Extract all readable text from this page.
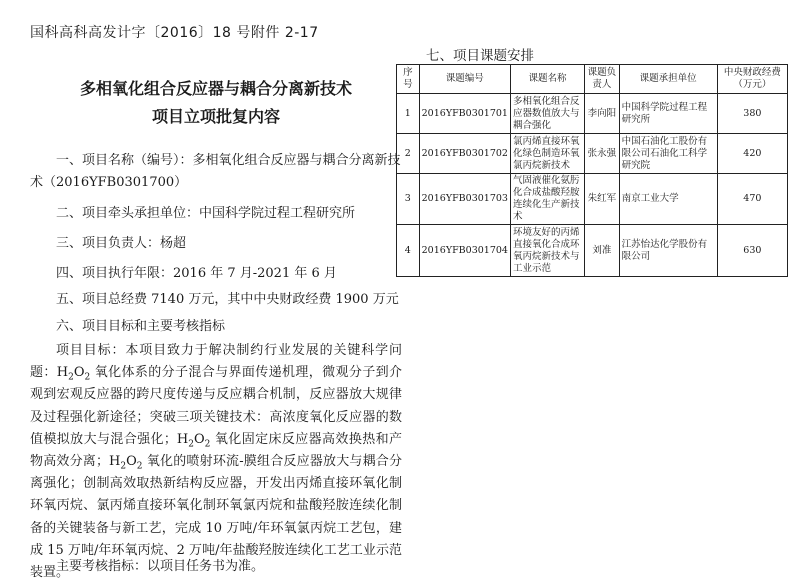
国科高科高发计字〔2016〕18 号附件 2-17
多相氧化组合反应器与耦合分离新技术
项目立项批复内容
一、项目名称（编号）：多相氧化组合反应器与耦合分离新技术（2016YFB0301700）
二、项目牵头承担单位：中国科学院过程工程研究所
三、项目负责人：杨超
四、项目执行年限：2016 年 7 月-2021 年 6 月
五、项目总经费 7140 万元，其中中央财政经费 1900 万元
六、项目目标和主要考核指标
项目目标：本项目致力于解决制约行业发展的关键科学问题：$H_2O_2$ 氧化体系的分子混合与界面传递机理，微观分子到介观到宏观反应器的跨尺度传递与反应耦合机制，反应器放大规律及过程强化新途径；突破三项关键技术：高浓度氧化反应器的数值模拟放大与混合强化；$H_2O_2$ 氧化固定床反应器高效换热和产物高效分离；$H_2O_2$ 氧化的喷射环流-膜组合反应器放大与耦合分离强化；创制高效取热新结构反应器，开发出丙烯直接环氧化制环氧丙烷、氯丙烯直接环氧化制环氧氯丙烷和盐酸羟胺连续化制备的关键装备与新工艺，完成 10 万吨/年环氧氯丙烷工艺包，建成 15 万吨/年环氧丙烷、2 万吨/年盐酸羟胺连续化工艺工业示范装置。
主要考核指标：以项目任务书为准。
七、项目课题安排
序号	课题编号	课题名称	课题负责人	课题承担单位	中央财政经费（万元）
1	2016YFB0301701	多相氧化组合反应器数值放大与耦合强化	李向阳	中国科学院过程工程研究所	380
2	2016YFB0301702	氯丙烯直接环氧化绿色制造环氧氯丙烷新技术	张永强	中国石油化工股份有限公司石油化工科学研究院	420
3	2016YFB0301703	气固液催化氨肟化合成盐酸羟胺连续化生产新技术	朱红军	南京工业大学	470
4	2016YFB0301704	环境友好的丙烯直接氧化合成环氧丙烷新技术与工业示范	刘准	江苏怡达化学股份有限公司	630
